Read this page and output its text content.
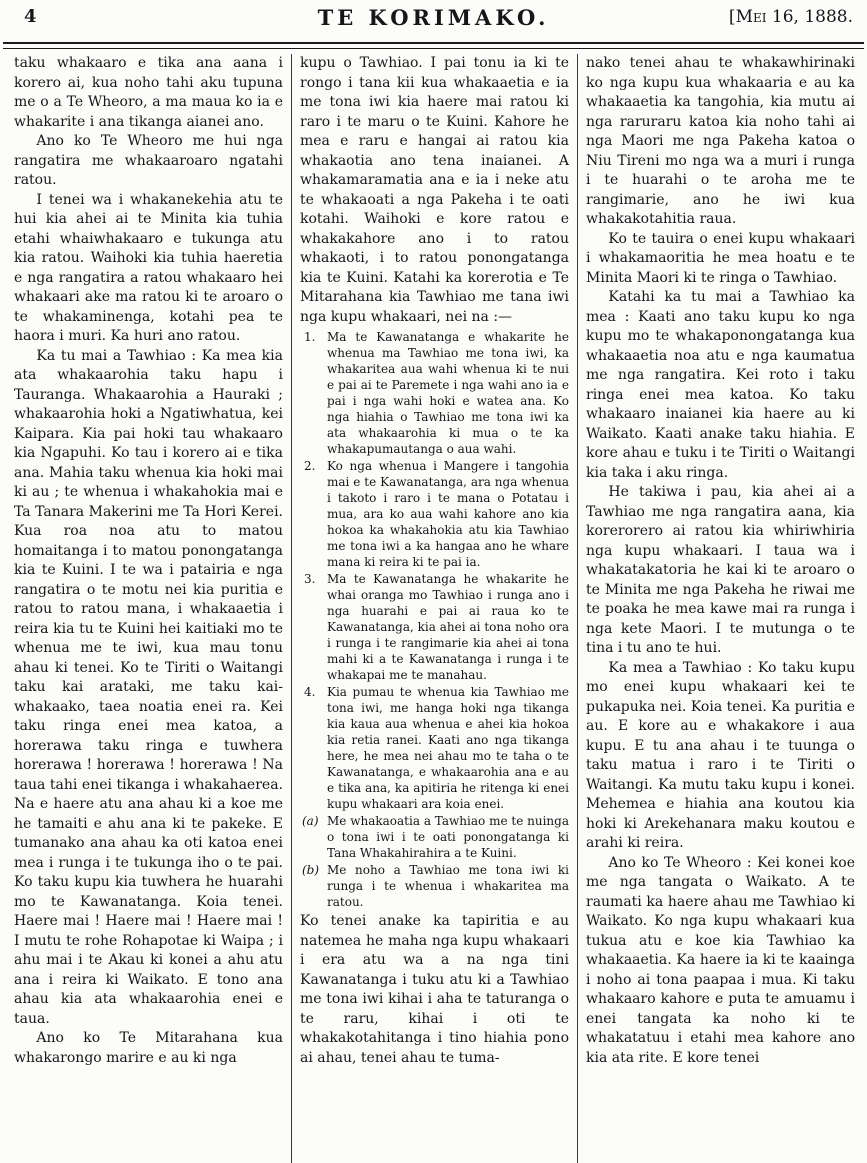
4	TE KORIMAKO.	[Mei 16, 1888.

taku whakaaro e tika ana aana i korero ai, kua noho tahi aku tupuna me o a Te Wheoro, a ma maua ko ia e whakarite i ana tikanga aianei ano.

Ano ko Te Wheoro me hui nga rangatira me whakaaroaro ngatahi ratou.

I tenei wa i whakanekehia atu te hui kia ahei ai te Minita kia tuhia etahi whaiwhakaaro e tukunga atu kia ratou. Waihoki kia tuhia haeretia e nga rangatira a ratou whakaaro hei whakaari ake ma ratou ki te aroaro o te whakaminenga, kotahi pea te haora i muri. Ka huri ano ratou.

Ka tu mai a Tawhiao : Ka mea kia ata whakaarohia taku hapu i Tauranga. Whakaarohia a Hauraki ; whakaarohia hoki a Ngatiwhatua, kei Kaipara. Kia pai hoki tau whakaaro kia Ngapuhi. Ko tau i korero ai e tika ana. Mahia taku whenua kia hoki mai ki au ; te whenua i whakahokia mai e Ta Tanara Makerini me Ta Hori Kerei. Kua roa noa atu to matou homaitanga i to matou ponongatanga kia te Kuini. I te wa i patairia e nga rangatira o te motu nei kia puritia e ratou to ratou mana, i whakaaetia i reira kia tu te Kuini hei kaitiaki mo te whenua me te iwi, kua mau tonu ahau ki tenei. Ko te Tiriti o Waitangi taku kai arataki, me taku kai-whakaako, taea noatia enei ra. Kei taku ringa enei mea katoa, a horerawa taku ringa e tuwhera horerawa ! horerawa ! horerawa ! Na taua tahi enei tikanga i whakahaerea. Na e haere atu ana ahau ki a koe me he tamaiti e ahu ana ki te pakeke. E tumanako ana ahau ka oti katoa enei mea i runga i te tukunga iho o te pai. Ko taku kupu kia tuwhera he huarahi mo te Kawanatanga. Koia tenei. Haere mai ! Haere mai ! Haere mai ! I mutu te rohe Rohapotae ki Waipa ; i ahu mai i te Akau ki konei a ahu atu ana i reira ki Waikato. E tono ana ahau kia ata whakaarohia enei e taua.

Ano ko Te Mitarahana kua whakarongo marire e au ki nga

kupu o Tawhiao. I pai tonu ia ki te rongo i tana kii kua whakaaetia e ia me tona iwi kia haere mai ratou ki raro i te maru o te Kuini. Kahore he mea e raru e hangai ai ratou kia whakaotia ano tena inaianei. A whakamaramatia ana e ia i neke atu te whakaoati a nga Pakeha i te oati kotahi. Waihoki e kore ratou e whakakahore ano i to ratou whakaoti, i to ratou ponongatanga kia te Kuini. Katahi ka korerotia e Te Mitarahana kia Tawhiao me tana iwi nga kupu whakaari, nei na :—

1. Ma te Kawanatanga e whakarite he whenua ma Tawhiao me tona iwi, ka whakaritea aua wahi whenua ki te nui e pai ai te Paremete i nga wahi ano ia e pai i nga wahi hoki e watea ana. Ko nga hiahia o Tawhiao me tona iwi ka ata whakaarohia ki mua o te ka whakapumautanga o aua wahi.
2. Ko nga whenua i Mangere i tangohia mai e te Kawanatanga, ara nga whenua i takoto i raro i te mana o Potatau i mua, ara ko aua wahi kahore ano kia hokoa ka whakahokia atu kia Tawhiao me tona iwi a ka hangaa ano he whare mana ki reira ki te pai ia.
3. Ma te Kawanatanga he whakarite he whai oranga mo Tawhiao i runga ano i nga huarahi e pai ai raua ko te Kawanatanga, kia ahei ai tona noho ora i runga i te rangimarie kia ahei ai tona mahi ki a te Kawanatanga i runga i te whakapai me te manahau.
4. Kia pumau te whenua kia Tawhiao me tona iwi, me hanga hoki nga tikanga kia kaua aua whenua e ahei kia hokoa kia retia ranei. Kaati ano nga tikanga here, he mea nei ahau mo te taha o te Kawanatanga, e whakaarohia ana e au e tika ana, ka apitiria he ritenga ki enei kupu whakaari ara koia enei.
(a) Me whakaoatia a Tawhiao me te nuinga o tona iwi i te oati ponongatanga ki Tana Whakahirahira a te Kuini.
(b) Me noho a Tawhiao me tona iwi ki runga i te whenua i whakaritea ma ratou.

Ko tenei anake ka tapiritia e au natemea he maha nga kupu whakaari i era atu wa a na nga tini Kawanatanga i tuku atu ki a Tawhiao me tona iwi kihai i aha te taturanga o te raru, kihai i oti te whakakotahitanga i tino hiahia pono ai ahau, tenei ahau te tuma-

nako tenei ahau te whakawhirinaki ko nga kupu kua whakaaria e au ka whakaaetia ka tangohia, kia mutu ai nga raruraru katoa kia noho tahi ai nga Maori me nga Pakeha katoa o Niu Tireni mo nga wa a muri i runga i te huarahi o te aroha me te rangimarie, ano he iwi kua whakakotahitia raua.

Ko te tauira o enei kupu whakaari i whakamaoritia he mea hoatu e te Minita Maori ki te ringa o Tawhiao.

Katahi ka tu mai a Tawhiao ka mea : Kaati ano taku kupu ko nga kupu mo te whakaponongatanga kua whakaaetia noa atu e nga kaumatua me nga rangatira. Kei roto i taku ringa enei mea katoa. Ko taku whakaaro inaianei kia haere au ki Waikato. Kaati anake taku hiahia. E kore ahau e tuku i te Tiriti o Waitangi kia taka i aku ringa.

He takiwa i pau, kia ahei ai a Tawhiao me nga rangatira aana, kia korerorero ai ratou kia whiriwhiria nga kupu whakaari. I taua wa i whakatakatoria he kai ki te aroaro o te Minita me nga Pakeha he riwai me te poaka he mea kawe mai ra runga i nga kete Maori. I te mutunga o te tina i tu ano te hui.

Ka mea a Tawhiao : Ko taku kupu mo enei kupu whakaari kei te pukapuka nei. Koia tenei. Ka puritia e au. E kore au e whakakore i aua kupu. E tu ana ahau i te tuunga o taku matua i raro i te Tiriti o Waitangi. Ka mutu taku kupu i konei. Mehemea e hiahia ana koutou kia hoki ki Arekehanara maku koutou e arahi ki reira.

Ano ko Te Wheoro : Kei konei koe me nga tangata o Waikato. A te raumati ka haere ahau me Tawhiao ki Waikato. Ko nga kupu whakaari kua tukua atu e koe kia Tawhiao ka whakaaetia. Ka haere ia ki te kaainga i noho ai tona paapaa i mua. Ki taku whakaaro kahore e puta te amuamu i enei tangata ka noho ki te whakatatuu i etahi mea kahore ano kia ata rite. E kore tenei
